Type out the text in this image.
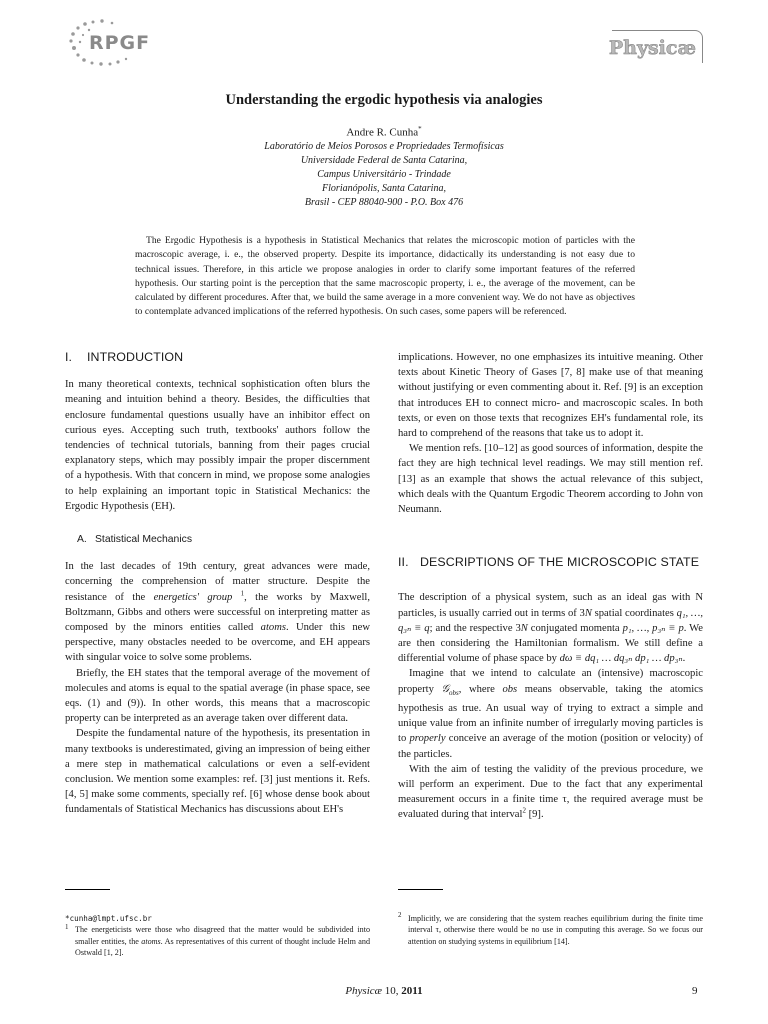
RPGF	Physicæ
Understanding the ergodic hypothesis via analogies
Andre R. Cunha*
Laboratório de Meios Porosos e Propriedades Termofísicas
Universidade Federal de Santa Catarina,
Campus Universitário - Trindade
Florianópolis, Santa Catarina,
Brasil - CEP 88040-900 - P.O. Box 476

The Ergodic Hypothesis is a hypothesis in Statistical Mechanics that relates the microscopic motion of particles with the macroscopic average, i. e., the observed property. Despite its importance, didactically its understanding is not easy due to technical issues. Therefore, in this article we propose analogies in order to clarify some important features of the referred hypothesis. Our starting point is the perception that the same macroscopic property, i. e., the average of the movement, can be calculated by different procedures. After that, we build the same average in a more convenient way. We do not have as objectives to contemplate advanced implications of the referred hypothesis. On such cases, some papers will be referenced.

I. INTRODUCTION

In many theoretical contexts, technical sophistication often blurs the meaning and intuition behind a theory. Besides, the difficulties that enclosure fundamental questions usually have an inhibitor effect on curious eyes. Accepting such truth, textbooks' authors follow the tendencies of technical tutorials, banning from their pages crucial explanatory steps, which may possibly impair the proper discernment of a hypothesis. With that concern in mind, we propose some analogies to help explaining an important topic in Statistical Mechanics: the Ergodic Hypothesis (EH).

A. Statistical Mechanics

In the last decades of 19th century, great advances were made, concerning the comprehension of matter structure. Despite the resistance of the energetics' group $^1$, the works by Maxwell, Boltzmann, Gibbs and others were successful on interpreting matter as composed by the minors entities called atoms. Under this new perspective, many obstacles needed to be overcome, and EH appears with singular voice to solve some problems.

Briefly, the EH states that the temporal average of the movement of molecules and atoms is equal to the spatial average (in phase space, see eqs. (1) and (9)). In other words, this means that a macroscopic property can be interpreted as an average taken over different data.

Despite the fundamental nature of the hypothesis, its presentation in many textbooks is underestimated, giving an impression of being either a mere step in mathematical calculations or even a self-evident conclusion. We mention some examples: ref. [3] just mentions it. Refs. [4, 5] make some comments, specially ref. [6] whose dense book about fundamentals of Statistical Mechanics has discussions about EH's

implications. However, no one emphasizes its intuitive meaning. Other texts about Kinetic Theory of Gases [7, 8] make use of that meaning without justifying or even commenting about it. Ref. [9] is an exception that introduces EH to connect micro- and macroscopic scales. In both texts, or even on those texts that recognizes EH's fundamental role, its hard to comprehend of the reasons that take us to adopt it.

We mention refs. [10–12] as good sources of information, despite the fact they are high technical level readings. We may still mention ref. [13] as an example that shows the actual relevance of this subject, which deals with the Quantum Ergodic Theorem according to John von Neumann.

II. DESCRIPTIONS OF THE MICROSCOPIC STATE

The description of a physical system, such as an ideal gas with N particles, is usually carried out in terms of 3N spatial coordinates q₁, …, q₃ₙ ≡ q; and the respective 3N conjugated momenta p₁, …, p₃ₙ ≡ p. We are then considering the Hamiltonian formalism. We still define a differential volume of phase space by dω ≡ dq₁ … dq₃ₙ dp₁ … dp₃ₙ.

Imagine that we intend to calculate an (intensive) macroscopic property 𝒢$_{obs}$, where obs means observable, taking the atomics hypothesis as true. An usual way of trying to extract a simple and unique value from an infinite number of irregularly moving particles is to properly conceive an average of the motion (position or velocity) of the particles.

With the aim of testing the validity of the previous procedure, we will perform an experiment. Due to the fact that any experimental measurement occurs in a finite time τ, the required average must be evaluated during that interval$^2$ [9].

*cunha@lmpt.ufsc.br
1 The energeticists were those who disagreed that the matter would be subdivided into smaller entities, the atoms. As representatives of this current of thought include Helm and Ostwald [1, 2].
2 Implicitly, we are considering that the system reaches equilibrium during the finite time interval τ, otherwise there would be no use in computing this average. So we focus our attention on studying systems in equilibrium [14].
Physicæ 10, 2011	9
